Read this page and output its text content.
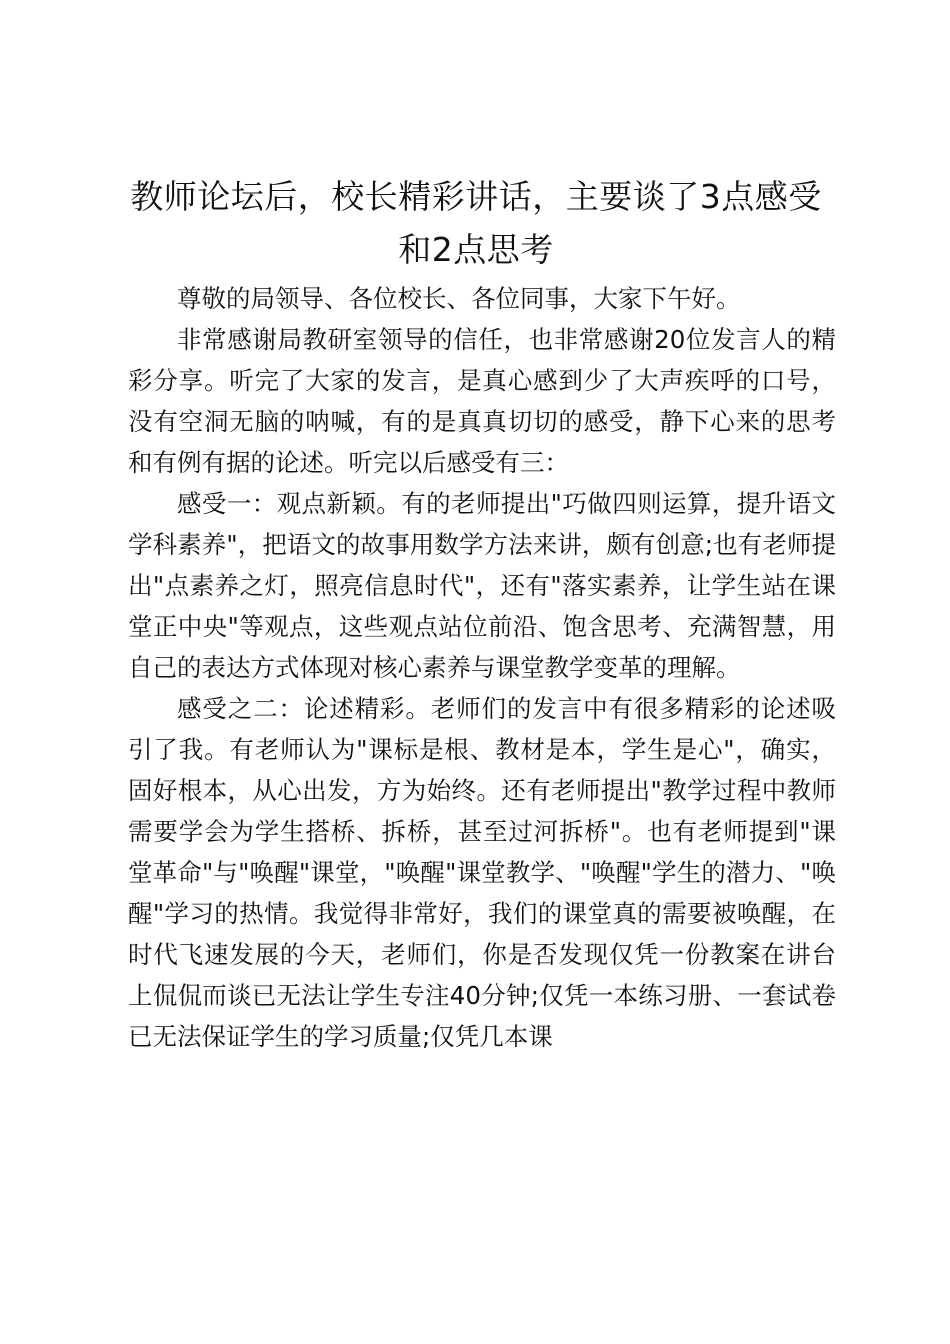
教师论坛后，校长精彩讲话，主要谈了3点感受和2点思考

尊敬的局领导、各位校长、各位同事，大家下午好。

非常感谢局教研室领导的信任，也非常感谢20位发言人的精彩分享。听完了大家的发言，是真心感到少了大声疾呼的口号，没有空洞无脑的呐喊，有的是真真切切的感受，静下心来的思考和有例有据的论述。听完以后感受有三：

感受一：观点新颖。有的老师提出"巧做四则运算，提升语文学科素养"，把语文的故事用数学方法来讲，颇有创意;也有老师提出"点素养之灯，照亮信息时代"，还有"落实素养，让学生站在课堂正中央"等观点，这些观点站位前沿、饱含思考、充满智慧，用自己的表达方式体现对核心素养与课堂教学变革的理解。

感受之二：论述精彩。老师们的发言中有很多精彩的论述吸引了我。有老师认为"课标是根、教材是本，学生是心"，确实，固好根本，从心出发，方为始终。还有老师提出"教学过程中教师需要学会为学生搭桥、拆桥，甚至过河拆桥"。也有老师提到"课堂革命"与"唤醒"课堂，"唤醒"课堂教学、"唤醒"学生的潜力、"唤醒"学习的热情。我觉得非常好，我们的课堂真的需要被唤醒，在时代飞速发展的今天，老师们，你是否发现仅凭一份教案在讲台上侃侃而谈已无法让学生专注40分钟;仅凭一本练习册、一套试卷已无法保证学生的学习质量;仅凭几本课
